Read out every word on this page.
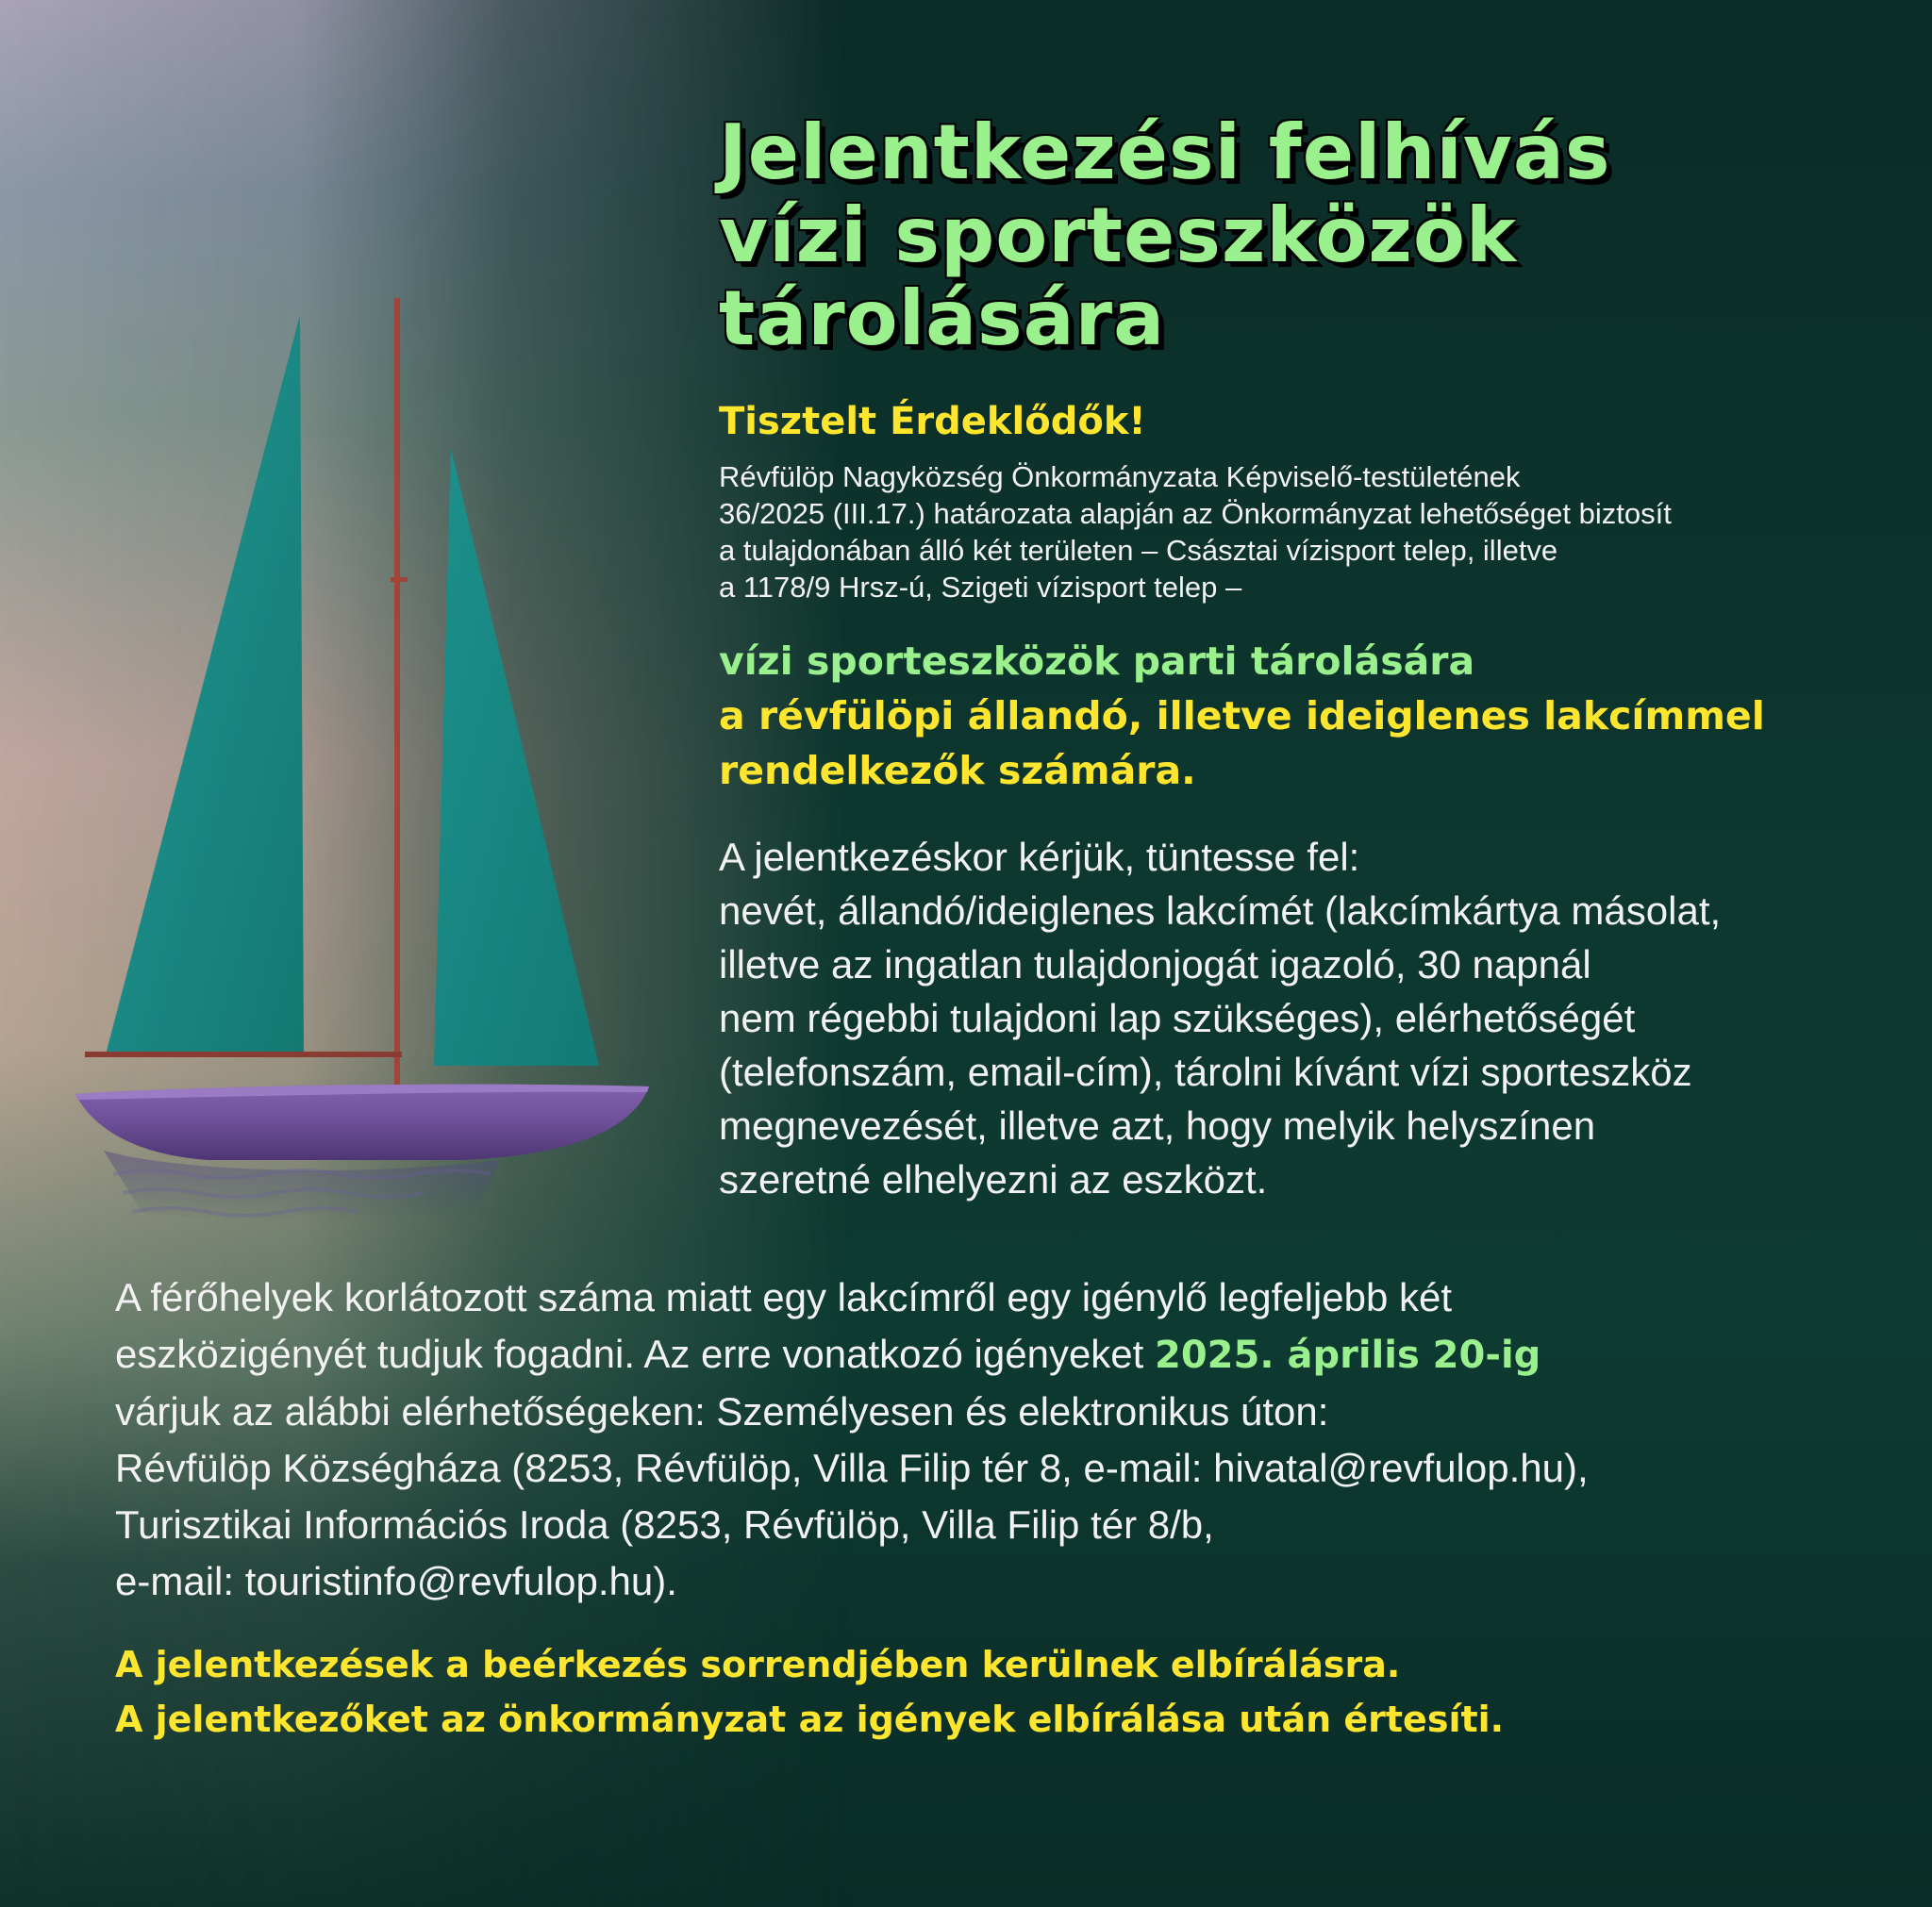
Jelentkezési felhívás
vízi sporteszközök
tárolására
Tisztelt Érdeklődők!
Révfülöp Nagyközség Önkormányzata Képviselő-testületének
36/2025 (III.17.) határozata alapján az Önkormányzat lehetőséget biztosít
a tulajdonában álló két területen – Császtai vízisport telep, illetve
a 1178/9 Hrsz-ú, Szigeti vízisport telep –
vízi sporteszközök parti tárolására
a révfülöpi állandó, illetve ideiglenes lakcímmel
rendelkezők számára.
A jelentkezéskor kérjük, tüntesse fel:
nevét, állandó/ideiglenes lakcímét (lakcímkártya másolat,
illetve az ingatlan tulajdonjogát igazoló, 30 napnál
nem régebbi tulajdoni lap szükséges), elérhetőségét
(telefonszám, email-cím), tárolni kívánt vízi sporteszköz
megnevezését, illetve azt, hogy melyik helyszínen
szeretné elhelyezni az eszközt.
A férőhelyek korlátozott száma miatt egy lakcímről egy igénylő legfeljebb két
eszközigényét tudjuk fogadni. Az erre vonatkozó igényeket 2025. április 20-ig
várjuk az alábbi elérhetőségeken: Személyesen és elektronikus úton:
Révfülöp Községháza (8253, Révfülöp, Villa Filip tér 8, e-mail: hivatal@revfulop.hu),
Turisztikai Információs Iroda (8253, Révfülöp, Villa Filip tér 8/b,
e-mail: touristinfo@revfulop.hu).
A jelentkezések a beérkezés sorrendjében kerülnek elbírálásra.
A jelentkezőket az önkormányzat az igények elbírálása után értesíti.
